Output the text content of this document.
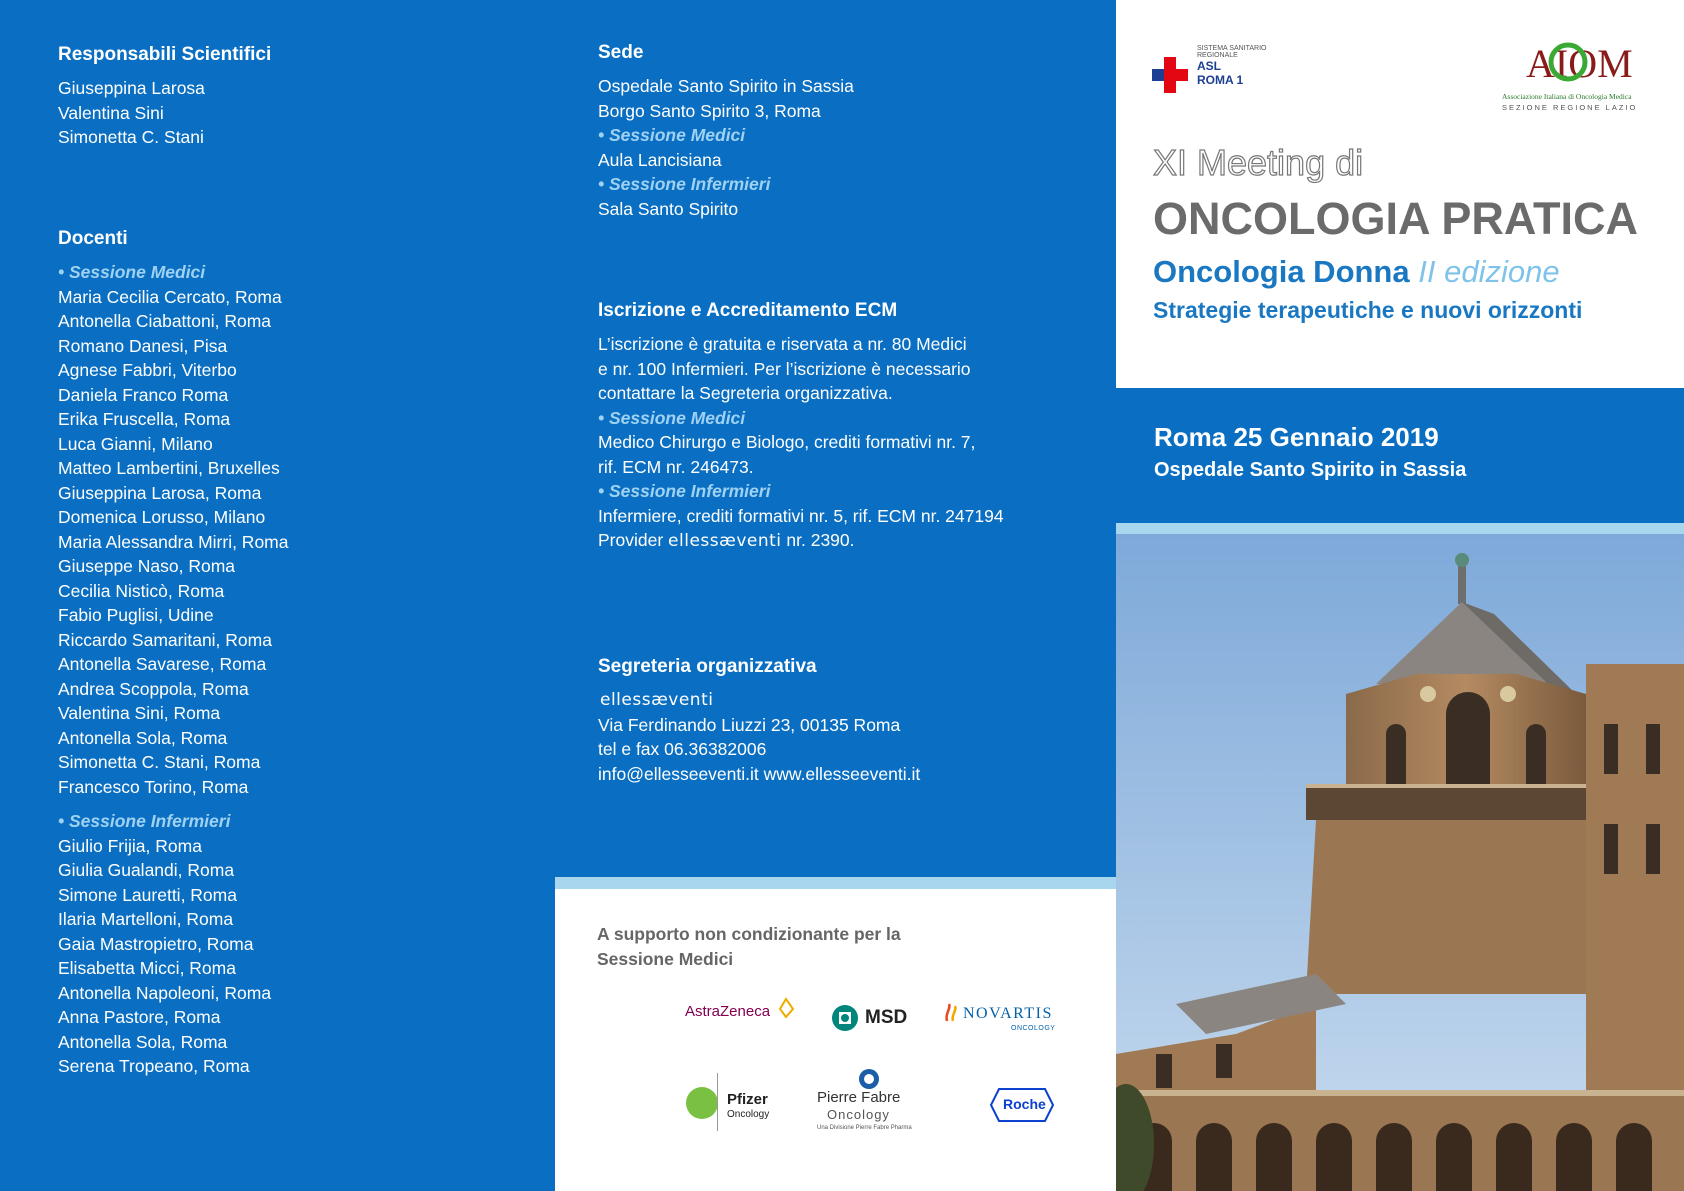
Responsabili Scientifici
Giuseppina Larosa
Valentina Sini
Simonetta C. Stani
Docenti
• Sessione Medici
Maria Cecilia Cercato, Roma
Antonella Ciabattoni, Roma
Romano Danesi, Pisa
Agnese Fabbri, Viterbo
Daniela Franco Roma
Erika Fruscella, Roma
Luca Gianni, Milano
Matteo Lambertini, Bruxelles
Giuseppina Larosa, Roma
Domenica Lorusso, Milano
Maria Alessandra Mirri, Roma
Giuseppe Naso, Roma
Cecilia Nisticò, Roma
Fabio Puglisi, Udine
Riccardo Samaritani, Roma
Antonella Savarese, Roma
Andrea Scoppola, Roma
Valentina Sini, Roma
Antonella Sola, Roma
Simonetta C. Stani, Roma
Francesco Torino, Roma
• Sessione Infermieri
Giulio Frijia, Roma
Giulia Gualandi, Roma
Simone Lauretti, Roma
Ilaria Martelloni, Roma
Gaia Mastropietro, Roma
Elisabetta Micci, Roma
Antonella Napoleoni, Roma
Anna Pastore, Roma
Antonella Sola, Roma
Serena Tropeano, Roma
Sede
Ospedale Santo Spirito in Sassia
Borgo Santo Spirito 3, Roma
• Sessione Medici
Aula Lancisiana
• Sessione Infermieri
Sala Santo Spirito
Iscrizione e Accreditamento ECM
L’iscrizione è gratuita e riservata a nr. 80 Medici
e nr. 100 Infermieri. Per l’iscrizione è necessario
contattare la Segreteria organizzativa.
• Sessione Medici
Medico Chirurgo e Biologo, crediti formativi nr. 7,
rif. ECM nr. 246473.
• Sessione Infermieri
Infermiere, crediti formativi nr. 5, rif. ECM nr. 247194
Provider ellessæventi nr. 2390.
Segreteria organizzativa
ellessæventi
Via Ferdinando Liuzzi 23, 00135 Roma
tel e fax 06.36382006
info@ellesseeventi.it www.ellesseeventi.it
A supporto non condizionante per la Sessione Medici
AstraZeneca	MSD	NOVARTIS
ONCOLOGY
Pfizer
Oncology
Pierre Fabre
Oncology
Una Divisione Pierre Fabre Pharma
Roche
SISTEMA SANITARIO REGIONALE
ASL
ROMA 1	AIOM
Associazione Italiana di Oncologia Medica
SEZIONE REGIONE LAZIO
XI Meeting di
ONCOLOGIA PRATICA
Oncologia Donna II edizione
Strategie terapeutiche e nuovi orizzonti
Roma 25 Gennaio 2019
Ospedale Santo Spirito in Sassia
